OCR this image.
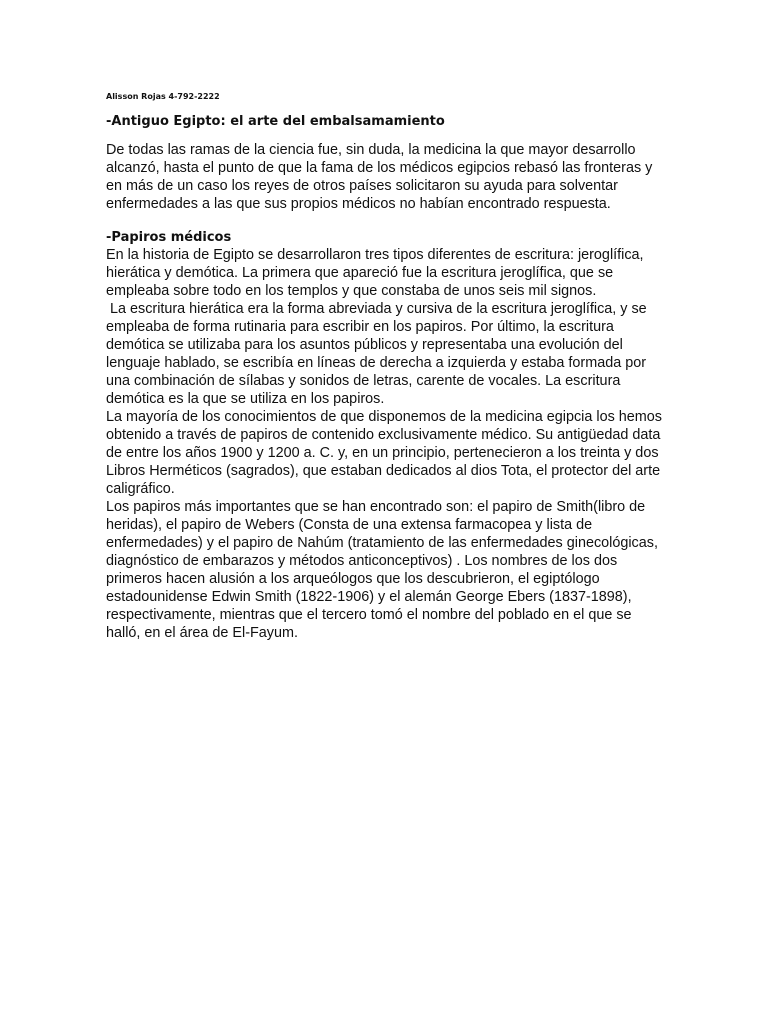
Alisson Rojas 4-792-2222
-Antiguo Egipto: el arte del embalsamamiento

De todas las ramas de la ciencia fue, sin duda, la medicina la que mayor desarrollo alcanzó, hasta el punto de que la fama de los médicos egipcios rebasó las fronteras y en más de un caso los reyes de otros países solicitaron su ayuda para solventar enfermedades a las que sus propios médicos no habían encontrado respuesta.

-Papiros médicos

En la historia de Egipto se desarrollaron tres tipos diferentes de escritura: jeroglífica, hierática y demótica. La primera que apareció fue la escritura jeroglífica, que se empleaba sobre todo en los templos y que constaba de unos seis mil signos.

La escritura hierática era la forma abreviada y cursiva de la escritura jeroglífica, y se empleaba de forma rutinaria para escribir en los papiros. Por último, la escritura demótica se utilizaba para los asuntos públicos y representaba una evolución del lenguaje hablado, se escribía en líneas de derecha a izquierda y estaba formada por una combinación de sílabas y sonidos de letras, carente de vocales. La escritura demótica es la que se utiliza en los papiros.

La mayoría de los conocimientos de que disponemos de la medicina egipcia los hemos obtenido a través de papiros de contenido exclusivamente médico. Su antigüedad data de entre los años 1900 y 1200 a. C. y, en un principio, pertenecieron a los treinta y dos Libros Herméticos (sagrados), que estaban dedicados al dios Tota, el protector del arte caligráfico.

Los papiros más importantes que se han encontrado son: el papiro de Smith(libro de heridas), el papiro de Webers (Consta de una extensa farmacopea y lista de enfermedades) y el papiro de Nahúm (tratamiento de las enfermedades ginecológicas, diagnóstico de embarazos y métodos anticonceptivos) . Los nombres de los dos primeros hacen alusión a los arqueólogos que los descubrieron, el egiptólogo estadounidense Edwin Smith (1822-1906) y el alemán George Ebers (1837-1898), respectivamente, mientras que el tercero tomó el nombre del poblado en el que se halló, en el área de El-Fayum.
